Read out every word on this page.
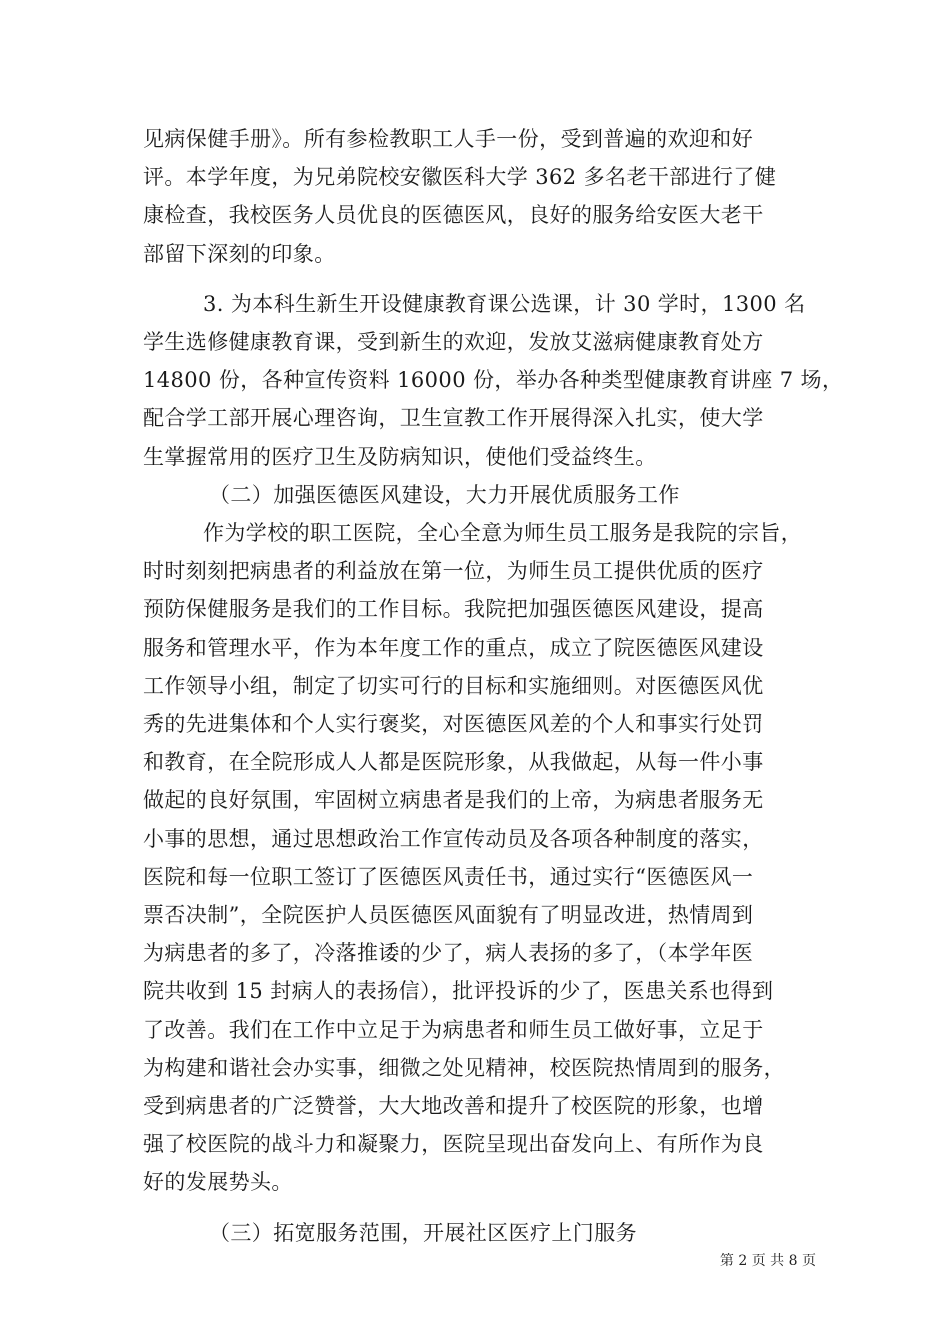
见病保健手册》。所有参检教职工人手一份，受到普遍的欢迎和好
评。本学年度，为兄弟院校安徽医科大学 362 多名老干部进行了健
康检查，我校医务人员优良的医德医风，良好的服务给安医大老干
部留下深刻的印象。
3. 为本科生新生开设健康教育课公选课，计 30 学时，1300 名
学生选修健康教育课，受到新生的欢迎，发放艾滋病健康教育处方
14800 份，各种宣传资料 16000 份，举办各种类型健康教育讲座 7 场，
配合学工部开展心理咨询，卫生宣教工作开展得深入扎实，使大学
生掌握常用的医疗卫生及防病知识，使他们受益终生。
（二）加强医德医风建设，大力开展优质服务工作
作为学校的职工医院，全心全意为师生员工服务是我院的宗旨，
时时刻刻把病患者的利益放在第一位，为师生员工提供优质的医疗
预防保健服务是我们的工作目标。我院把加强医德医风建设，提高
服务和管理水平，作为本年度工作的重点，成立了院医德医风建设
工作领导小组，制定了切实可行的目标和实施细则。对医德医风优
秀的先进集体和个人实行褒奖，对医德医风差的个人和事实行处罚
和教育，在全院形成人人都是医院形象，从我做起，从每一件小事
做起的良好氛围，牢固树立病患者是我们的上帝，为病患者服务无
小事的思想，通过思想政治工作宣传动员及各项各种制度的落实，
医院和每一位职工签订了医德医风责任书，通过实行“医德医风一
票否决制”，全院医护人员医德医风面貌有了明显改进，热情周到
为病患者的多了，冷落推诿的少了，病人表扬的多了，（本学年医
院共收到 15 封病人的表扬信），批评投诉的少了，医患关系也得到
了改善。我们在工作中立足于为病患者和师生员工做好事，立足于
为构建和谐社会办实事，细微之处见精神，校医院热情周到的服务，
受到病患者的广泛赞誉，大大地改善和提升了校医院的形象，也增
强了校医院的战斗力和凝聚力，医院呈现出奋发向上、有所作为良
好的发展势头。
（三）拓宽服务范围，开展社区医疗上门服务
第 2 页 共 8 页
